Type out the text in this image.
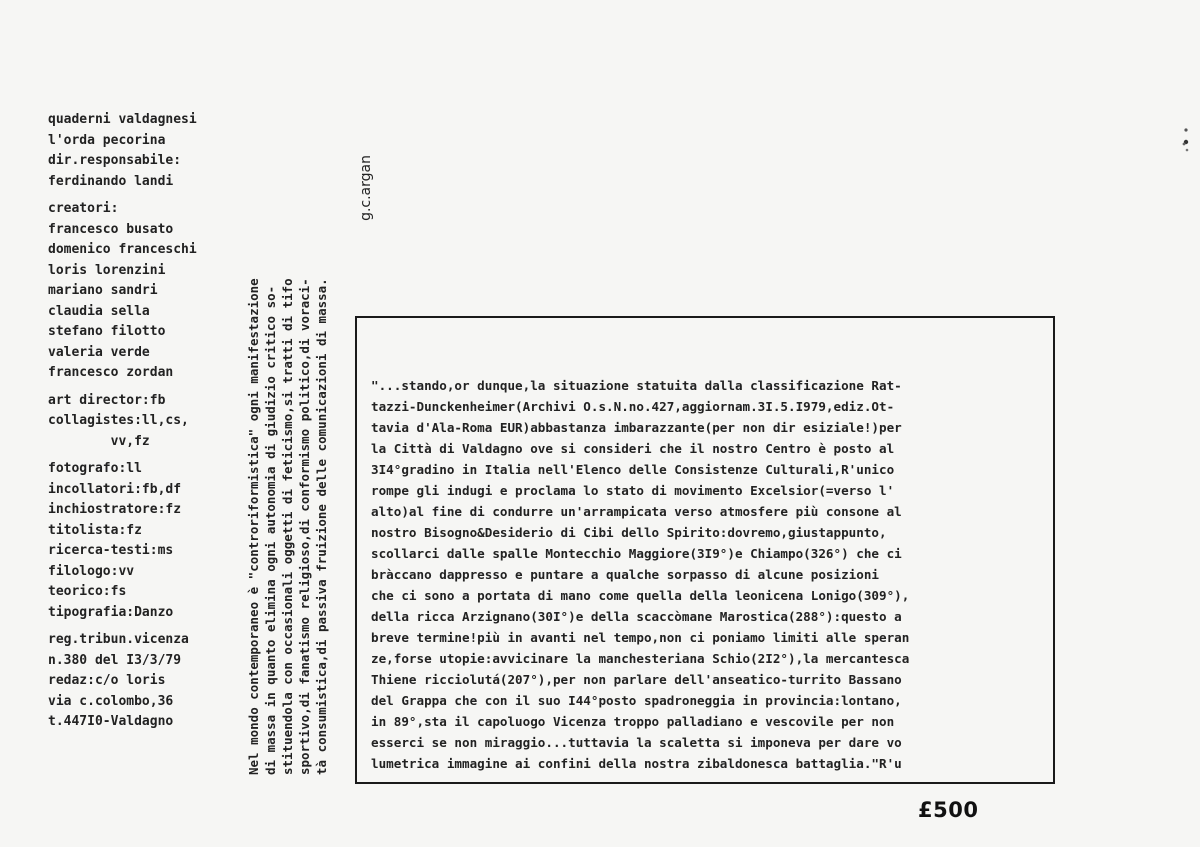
quaderni valdagnesi
l'orda pecorina
dir.responsabile:
ferdinando landi
creatori:
francesco busato
domenico franceschi
loris lorenzini
mariano sandri
claudia sella
stefano filotto
valeria verde
francesco zordan
art director:fb
collagistes:ll,cs,
vv,fz
fotografo:ll
incollatori:fb,df
inchiostratore:fz
titolista:fz
ricerca-testi:ms
filologo:vv
teorico:fs
tipografia:Danzo
reg.tribun.vicenza
n.380 del I3/3/79
redaz:c/o loris
via c.colombo,36
t.447I0-Valdagno	Nel mondo contemporaneo è "controriformistica" ogni manifestazione di massa in quanto elimina ogni autonomia di giudizio critico so- stituendola con occasionali oggetti di feticismo,si tratti di tifo sportivo,di fanatismo religioso,di conformismo politico,di voraci- tà consumistica,di passiva fruizione delle comunicazioni di massa.
g.c.argan
"...stando,or dunque,la situazione statuita dalla classificazione Rat-
tazzi-Dunckenheimer(Archivi O.s.N.no.427,aggiornam.3I.5.I979,ediz.Ot-
tavia d'Ala-Roma EUR)abbastanza imbarazzante(per non dir esiziale!)per
la Città di Valdagno ove si consideri che il nostro Centro è posto al
3I4°gradino in Italia nell'Elenco delle Consistenze Culturali,R'unico
rompe gli indugi e proclama lo stato di movimento Excelsior(=verso l'
alto)al fine di condurre un'arrampicata verso atmosfere più consone al
nostro Bisogno&Desiderio di Cibi dello Spirito:dovremo,giustappunto,
scollarci dalle spalle Montecchio Maggiore(3I9°)e Chiampo(326°) che ci
bràccano dappresso e puntare a qualche sorpasso di alcune posizioni
che ci sono a portata di mano come quella della leonicena Lonigo(309°),
della ricca Arzignano(30I°)e della scaccòmane Marostica(288°):questo a
breve termine!più in avanti nel tempo,non ci poniamo limiti alle speran
ze,forse utopie:avvicinare la manchesteriana Schio(2I2°),la mercantesca
Thiene ricciolutá(207°),per non parlare dell'anseatico-turrito Bassano
del Grappa che con il suo I44°posto spadroneggia in provincia:lontano,
in 89°,sta il capoluogo Vicenza troppo palladiano e vescovile per non
esserci se non miraggio...tuttavia la scaletta si imponeva per dare vo
lumetrica immagine ai confini della nostra zibaldonesca battaglia."R'u
£500
